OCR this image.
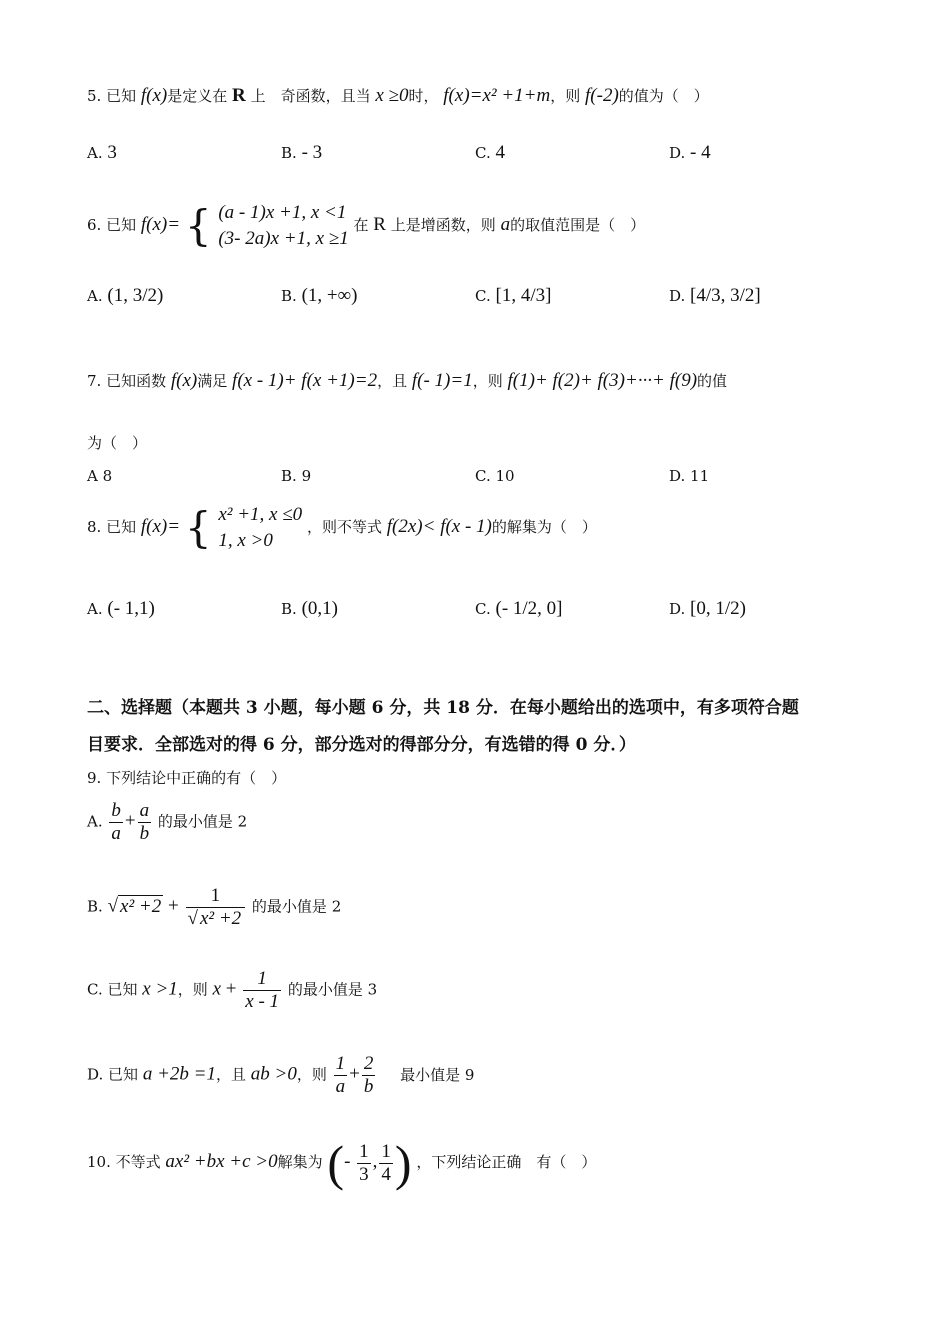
5. 已知 f(x)是定义在 R 上　奇函数，且当 x ≥0时， f(x)=x² +1+m，则 f(-2)的值为（　）
A. 3	B. - 3	C. 4	D. - 4
6. 已知 f(x)= { (a - 1)x +1, x <1
(3- 2a)x +1, x ≥1
在 R 上是增函数，则 a的取值范围是（　）
A. (1, 3/2)	B. (1, +∞)	C. [1, 4/3]	D. [4/3, 3/2]
7. 已知函数 f(x)满足 f(x - 1)+ f(x +1)=2，且 f(- 1)=1，则 f(1)+ f(2)+ f(3)+···+ f(9)的值
为（　）
A 8	B. 9	C. 10	D. 11
8. 已知 f(x)= { x² +1, x ≤0
1, x >0
，则不等式 f(2x)< f(x - 1)的解集为（　）
A. (- 1,1)	B. (0,1)	C. (- 1/2, 0]	D. [0, 1/2)
二、选择题（本题共 3 小题，每小题 6 分，共 18 分．在每小题给出的选项中，有多项符合题
目要求．全部选对的得 6 分，部分选对的得部分分，有选错的得 0 分．）
9. 下列结论中正确的有（　）
A. $\frac{b}{a} + \frac{a}{b}$ 的最小值是 2
B. √ $x^2 +2 + \frac{1}{\text{√ x² +2}}$ 的最小值是 2
C. 已知 x >1，则 $x + \frac{1}{x - 1}$ 的最小值是 3
D. 已知 a +2b =1，且 ab >0，则 $\frac{1}{a} + \frac{2}{b}$ 最小值是 9
10. 不等式 ax² +bx +c >0解集为 (- $\frac{1}{3}$ , $\frac{1}{4}$ ) ，下列结论正确　有（　）
